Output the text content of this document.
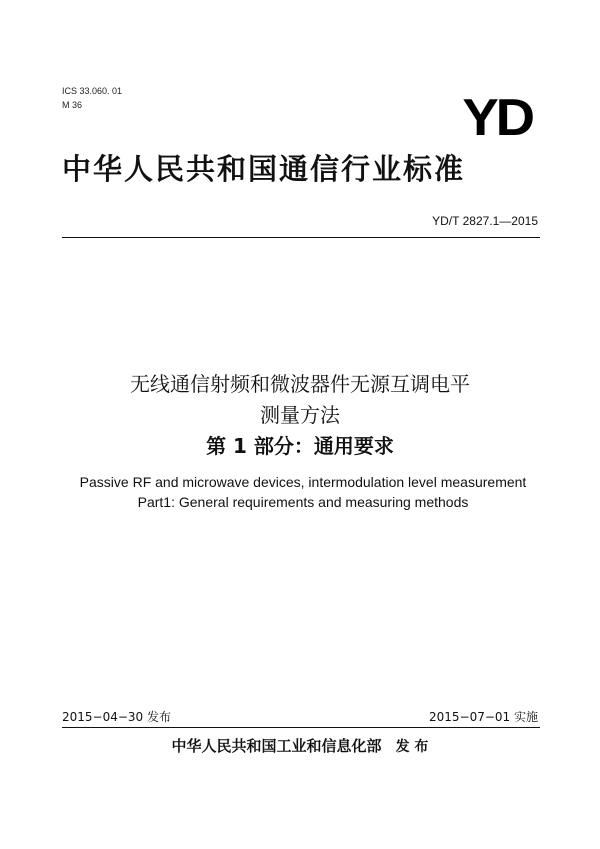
ICS 33.060. 01
M 36	YD
中华人民共和国通信行业标准
YD/T 2827.1—2015
无线通信射频和微波器件无源互调电平
测量方法
第 1 部分：通用要求
Passive RF and microwave devices, intermodulation level measurement
Part1: General requirements and measuring methods
2015−04−30 发布	2015−07−01 实施
中华人民共和国工业和信息化部 发 布
